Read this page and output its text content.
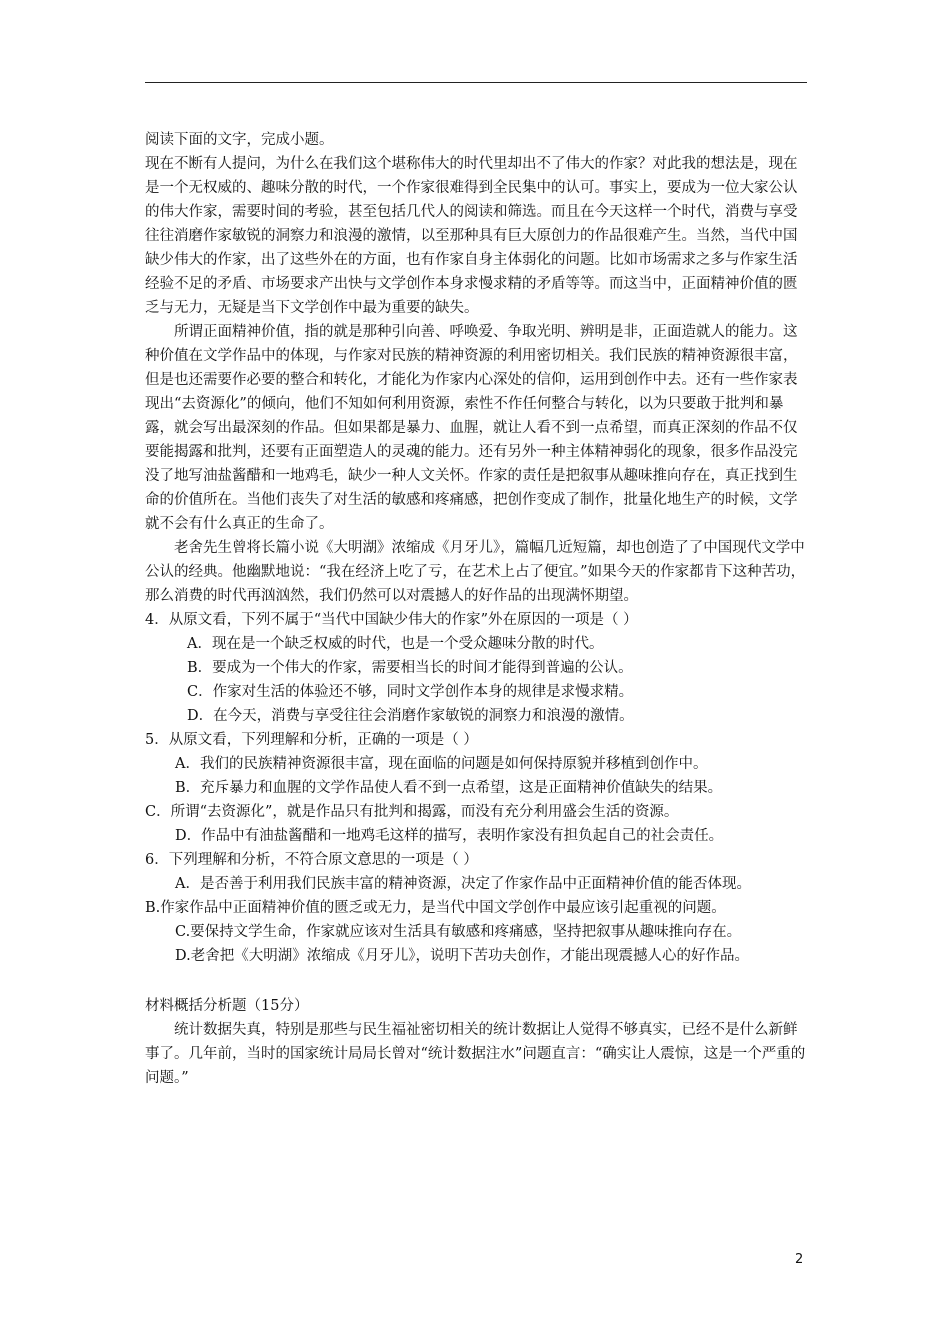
阅读下面的文字，完成小题。

现在不断有人提问，为什么在我们这个堪称伟大的时代里却出不了伟大的作家？对此我的想法是，现在是一个无权威的、趣味分散的时代，一个作家很难得到全民集中的认可。事实上，要成为一位大家公认的伟大作家，需要时间的考验，甚至包括几代人的阅读和筛选。而且在今天这样一个时代，消费与享受往往消磨作家敏锐的洞察力和浪漫的激情，以至那种具有巨大原创力的作品很难产生。当然，当代中国缺少伟大的作家，出了这些外在的方面，也有作家自身主体弱化的问题。比如市场需求之多与作家生活经验不足的矛盾、市场要求产出快与文学创作本身求慢求精的矛盾等等。而这当中，正面精神价值的匮乏与无力，无疑是当下文学创作中最为重要的缺失。

所谓正面精神价值，指的就是那种引向善、呼唤爱、争取光明、辨明是非，正面造就人的能力。这种价值在文学作品中的体现，与作家对民族的精神资源的利用密切相关。我们民族的精神资源很丰富，但是也还需要作必要的整合和转化，才能化为作家内心深处的信仰，运用到创作中去。还有一些作家表现出“去资源化”的倾向，他们不知如何利用资源，索性不作任何整合与转化，以为只要敢于批判和暴露，就会写出最深刻的作品。但如果都是暴力、血腥，就让人看不到一点希望，而真正深刻的作品不仅要能揭露和批判，还要有正面塑造人的灵魂的能力。还有另外一种主体精神弱化的现象，很多作品没完没了地写油盐酱醋和一地鸡毛，缺少一种人文关怀。作家的责任是把叙事从趣味推向存在，真正找到生命的价值所在。当他们丧失了对生活的敏感和疼痛感，把创作变成了制作，批量化地生产的时候，文学就不会有什么真正的生命了。

老舍先生曾将长篇小说《大明湖》浓缩成《月牙儿》，篇幅几近短篇，却也创造了了中国现代文学中公认的经典。他幽默地说：“我在经济上吃了亏，在艺术上占了便宜。”如果今天的作家都肯下这种苦功，那么消费的时代再汹汹然，我们仍然可以对震撼人的好作品的出现满怀期望。

4．从原文看，下列不属于“当代中国缺少伟大的作家”外在原因的一项是（ ）

A．现在是一个缺乏权威的时代，也是一个受众趣味分散的时代。

B．要成为一个伟大的作家，需要相当长的时间才能得到普遍的公认。

C．作家对生活的体验还不够，同时文学创作本身的规律是求慢求精。

D．在今天，消费与享受往往会消磨作家敏锐的洞察力和浪漫的激情。

5．从原文看，下列理解和分析，正确的一项是（ ）

A．我们的民族精神资源很丰富，现在面临的问题是如何保持原貌并移植到创作中。

B．充斥暴力和血腥的文学作品使人看不到一点希望，这是正面精神价值缺失的结果。

C．所谓“去资源化”，就是作品只有批判和揭露，而没有充分利用盛会生活的资源。

D．作品中有油盐酱醋和一地鸡毛这样的描写，表明作家没有担负起自己的社会责任。

6．下列理解和分析，不符合原文意思的一项是（ ）

A．是否善于利用我们民族丰富的精神资源，决定了作家作品中正面精神价值的能否体现。

B.作家作品中正面精神价值的匮乏或无力，是当代中国文学创作中最应该引起重视的问题。

C.要保持文学生命，作家就应该对生活具有敏感和疼痛感，坚持把叙事从趣味推向存在。

D.老舍把《大明湖》浓缩成《月牙儿》，说明下苦功夫创作，才能出现震撼人心的好作品。

材料概括分析题（15分）

统计数据失真，特别是那些与民生福祉密切相关的统计数据让人觉得不够真实，已经不是什么新鲜事了。几年前，当时的国家统计局局长曾对“统计数据注水”问题直言：“确实让人震惊，这是一个严重的问题。”

2
